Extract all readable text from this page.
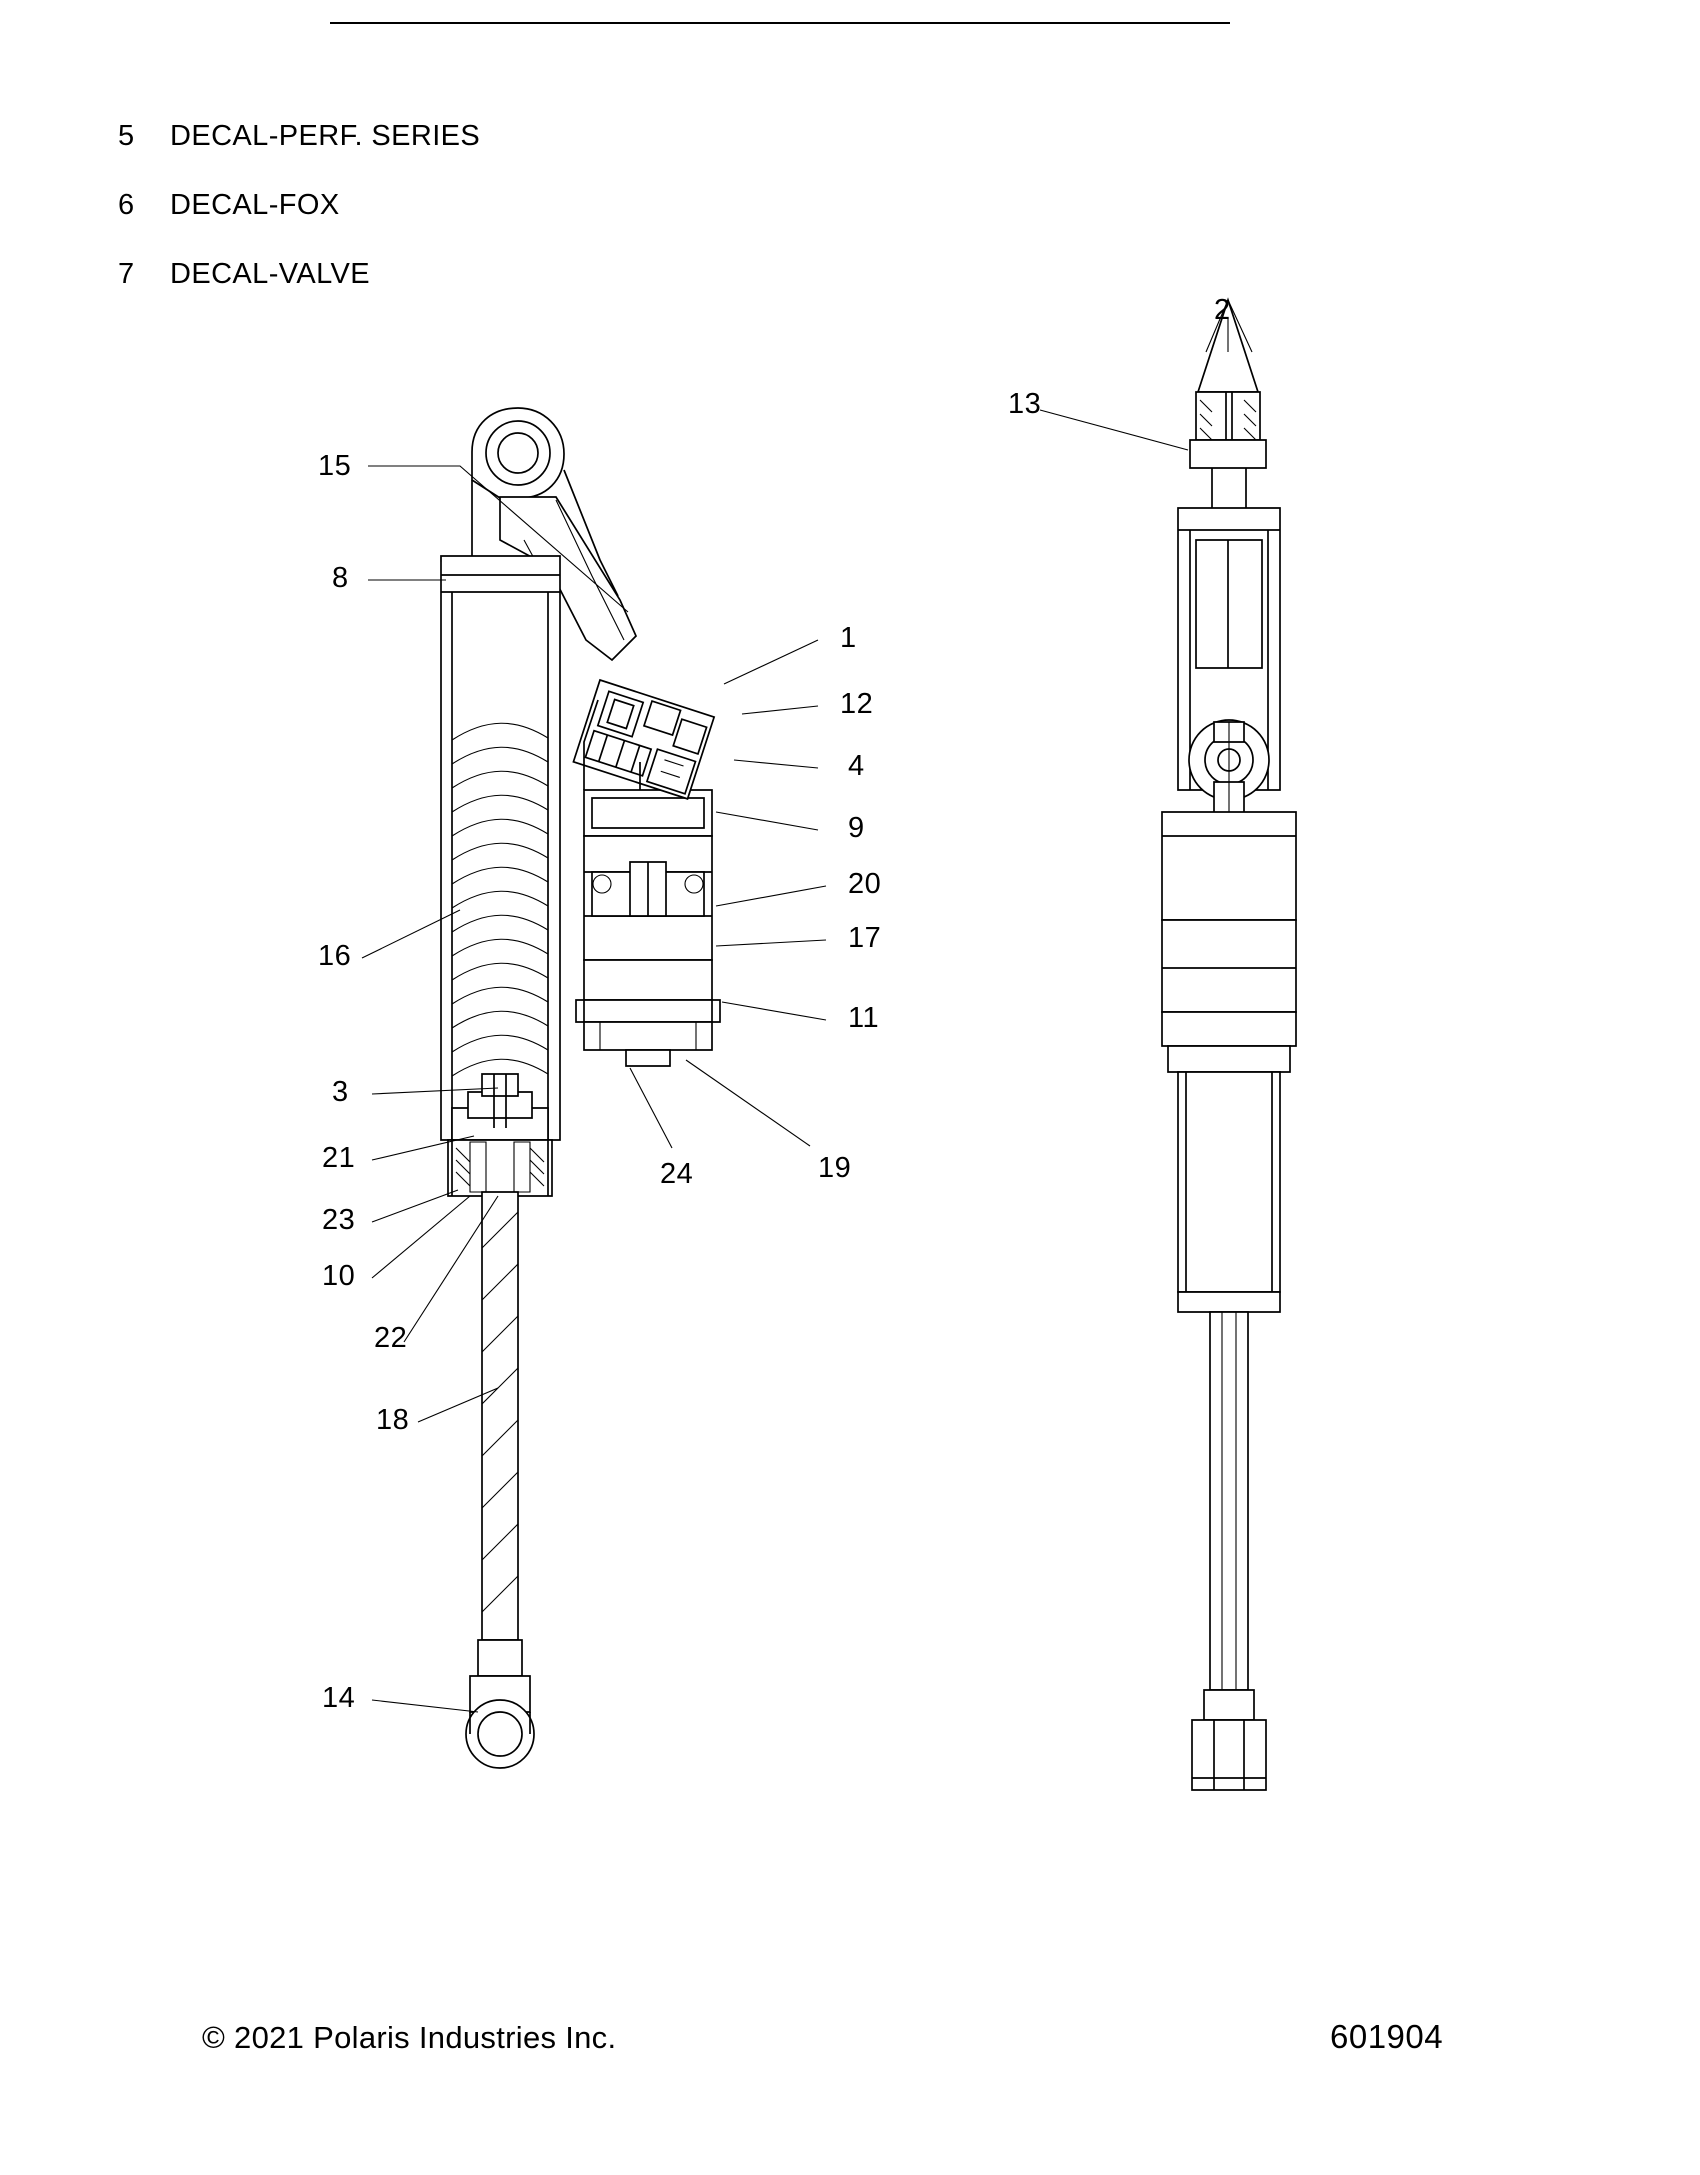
5	DECAL-PERF. SERIES
6	DECAL-FOX
7	DECAL-VALVE
15
8
1
12
4
9
20
17
16
11
3
21
23
10
22
24	19
18
14
2
13
© 2021 Polaris Industries Inc.	601904
